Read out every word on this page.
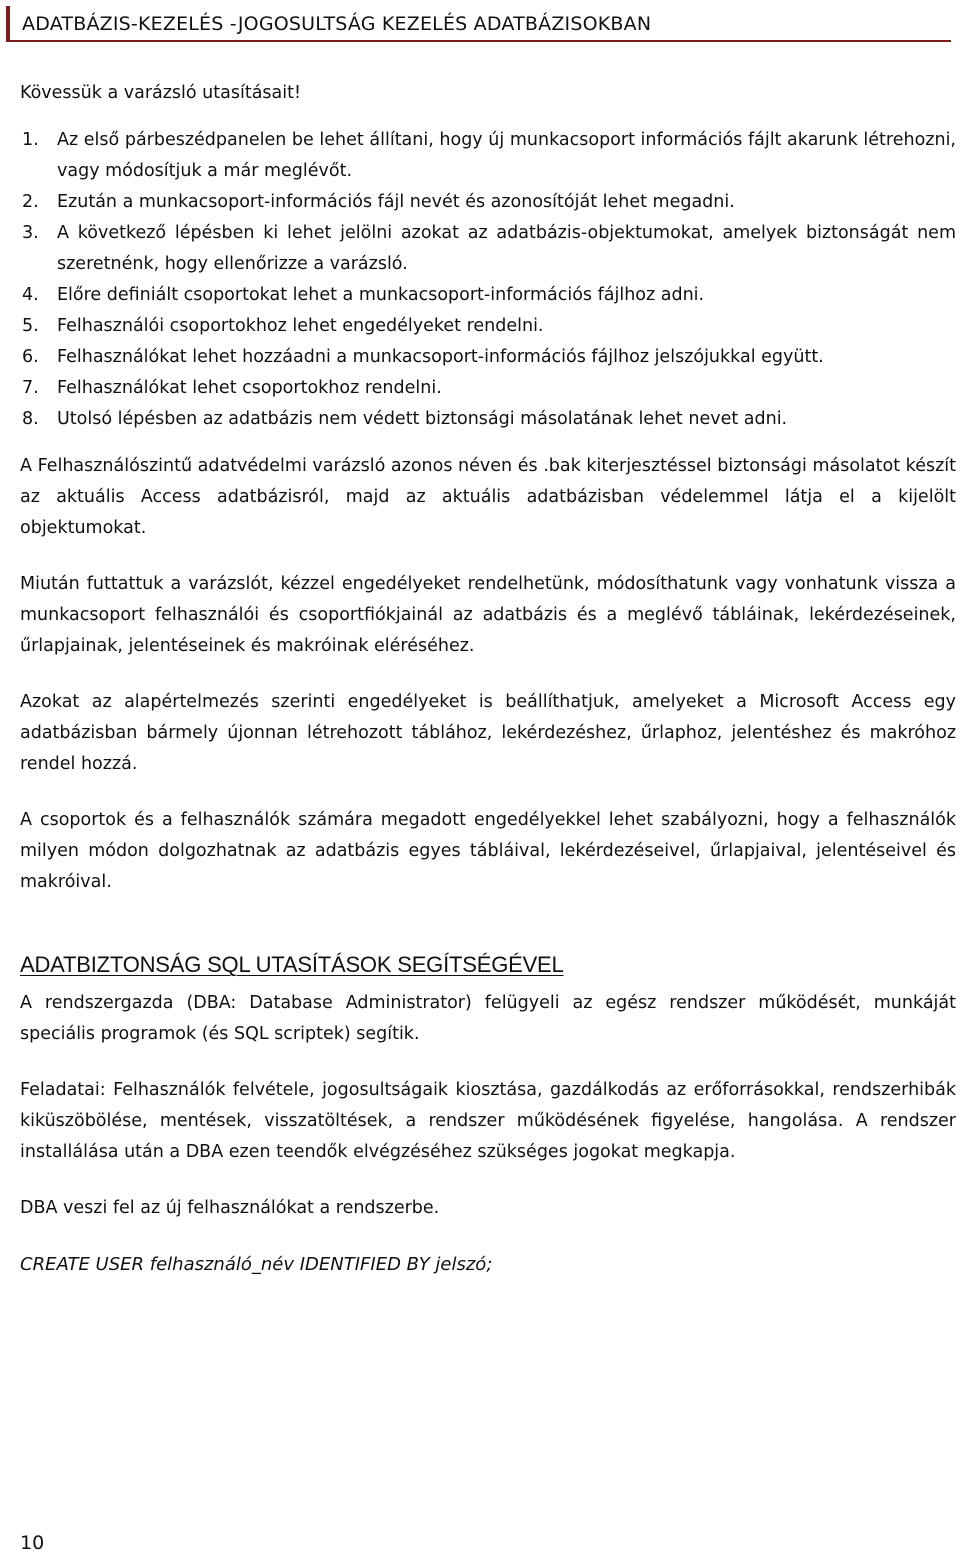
ADATBÁZIS-KEZELÉS -JOGOSULTSÁG KEZELÉS ADATBÁZISOKBAN

Kövessük a varázsló utasításait!

1. Az első párbeszédpanelen be lehet állítani, hogy új munkacsoport információs fájlt akarunk létrehozni, vagy módosítjuk a már meglévőt.
2. Ezután a munkacsoport-információs fájl nevét és azonosítóját lehet megadni.
3. A következő lépésben ki lehet jelölni azokat az adatbázis-objektumokat, amelyek biztonságát nem szeretnénk, hogy ellenőrizze a varázsló.
4. Előre definiált csoportokat lehet a munkacsoport-információs fájlhoz adni.
5. Felhasználói csoportokhoz lehet engedélyeket rendelni.
6. Felhasználókat lehet hozzáadni a munkacsoport-információs fájlhoz jelszójukkal együtt.
7. Felhasználókat lehet csoportokhoz rendelni.
8. Utolsó lépésben az adatbázis nem védett biztonsági másolatának lehet nevet adni.

A Felhasználószintű adatvédelmi varázsló azonos néven és .bak kiterjesztéssel biztonsági másolatot készít az aktuális Access adatbázisról, majd az aktuális adatbázisban védelemmel látja el a kijelölt objektumokat.

Miután futtattuk a varázslót, kézzel engedélyeket rendelhetünk, módosíthatunk vagy vonhatunk vissza a munkacsoport felhasználói és csoportfiókjainál az adatbázis és a meglévő tábláinak, lekérdezéseinek, űrlapjainak, jelentéseinek és makróinak eléréséhez.

Azokat az alapértelmezés szerinti engedélyeket is beállíthatjuk, amelyeket a Microsoft Access egy adatbázisban bármely újonnan létrehozott táblához, lekérdezéshez, űrlaphoz, jelentéshez és makróhoz rendel hozzá.

A csoportok és a felhasználók számára megadott engedélyekkel lehet szabályozni, hogy a felhasználók milyen módon dolgozhatnak az adatbázis egyes tábláival, lekérdezéseivel, űrlapjaival, jelentéseivel és makróival.

ADATBIZTONSÁG SQL UTASÍTÁSOK SEGÍTSÉGÉVEL

A rendszergazda (DBA: Database Administrator) felügyeli az egész rendszer működését, munkáját speciális programok (és SQL scriptek) segítik.

Feladatai: Felhasználók felvétele, jogosultságaik kiosztása, gazdálkodás az erőforrásokkal, rendszerhibák kiküszöbölése, mentések, visszatöltések, a rendszer működésének figyelése, hangolása. A rendszer installálása után a DBA ezen teendők elvégzéséhez szükséges jogokat megkapja.

DBA veszi fel az új felhasználókat a rendszerbe.

CREATE USER felhasználó_név IDENTIFIED BY jelszó;

10
